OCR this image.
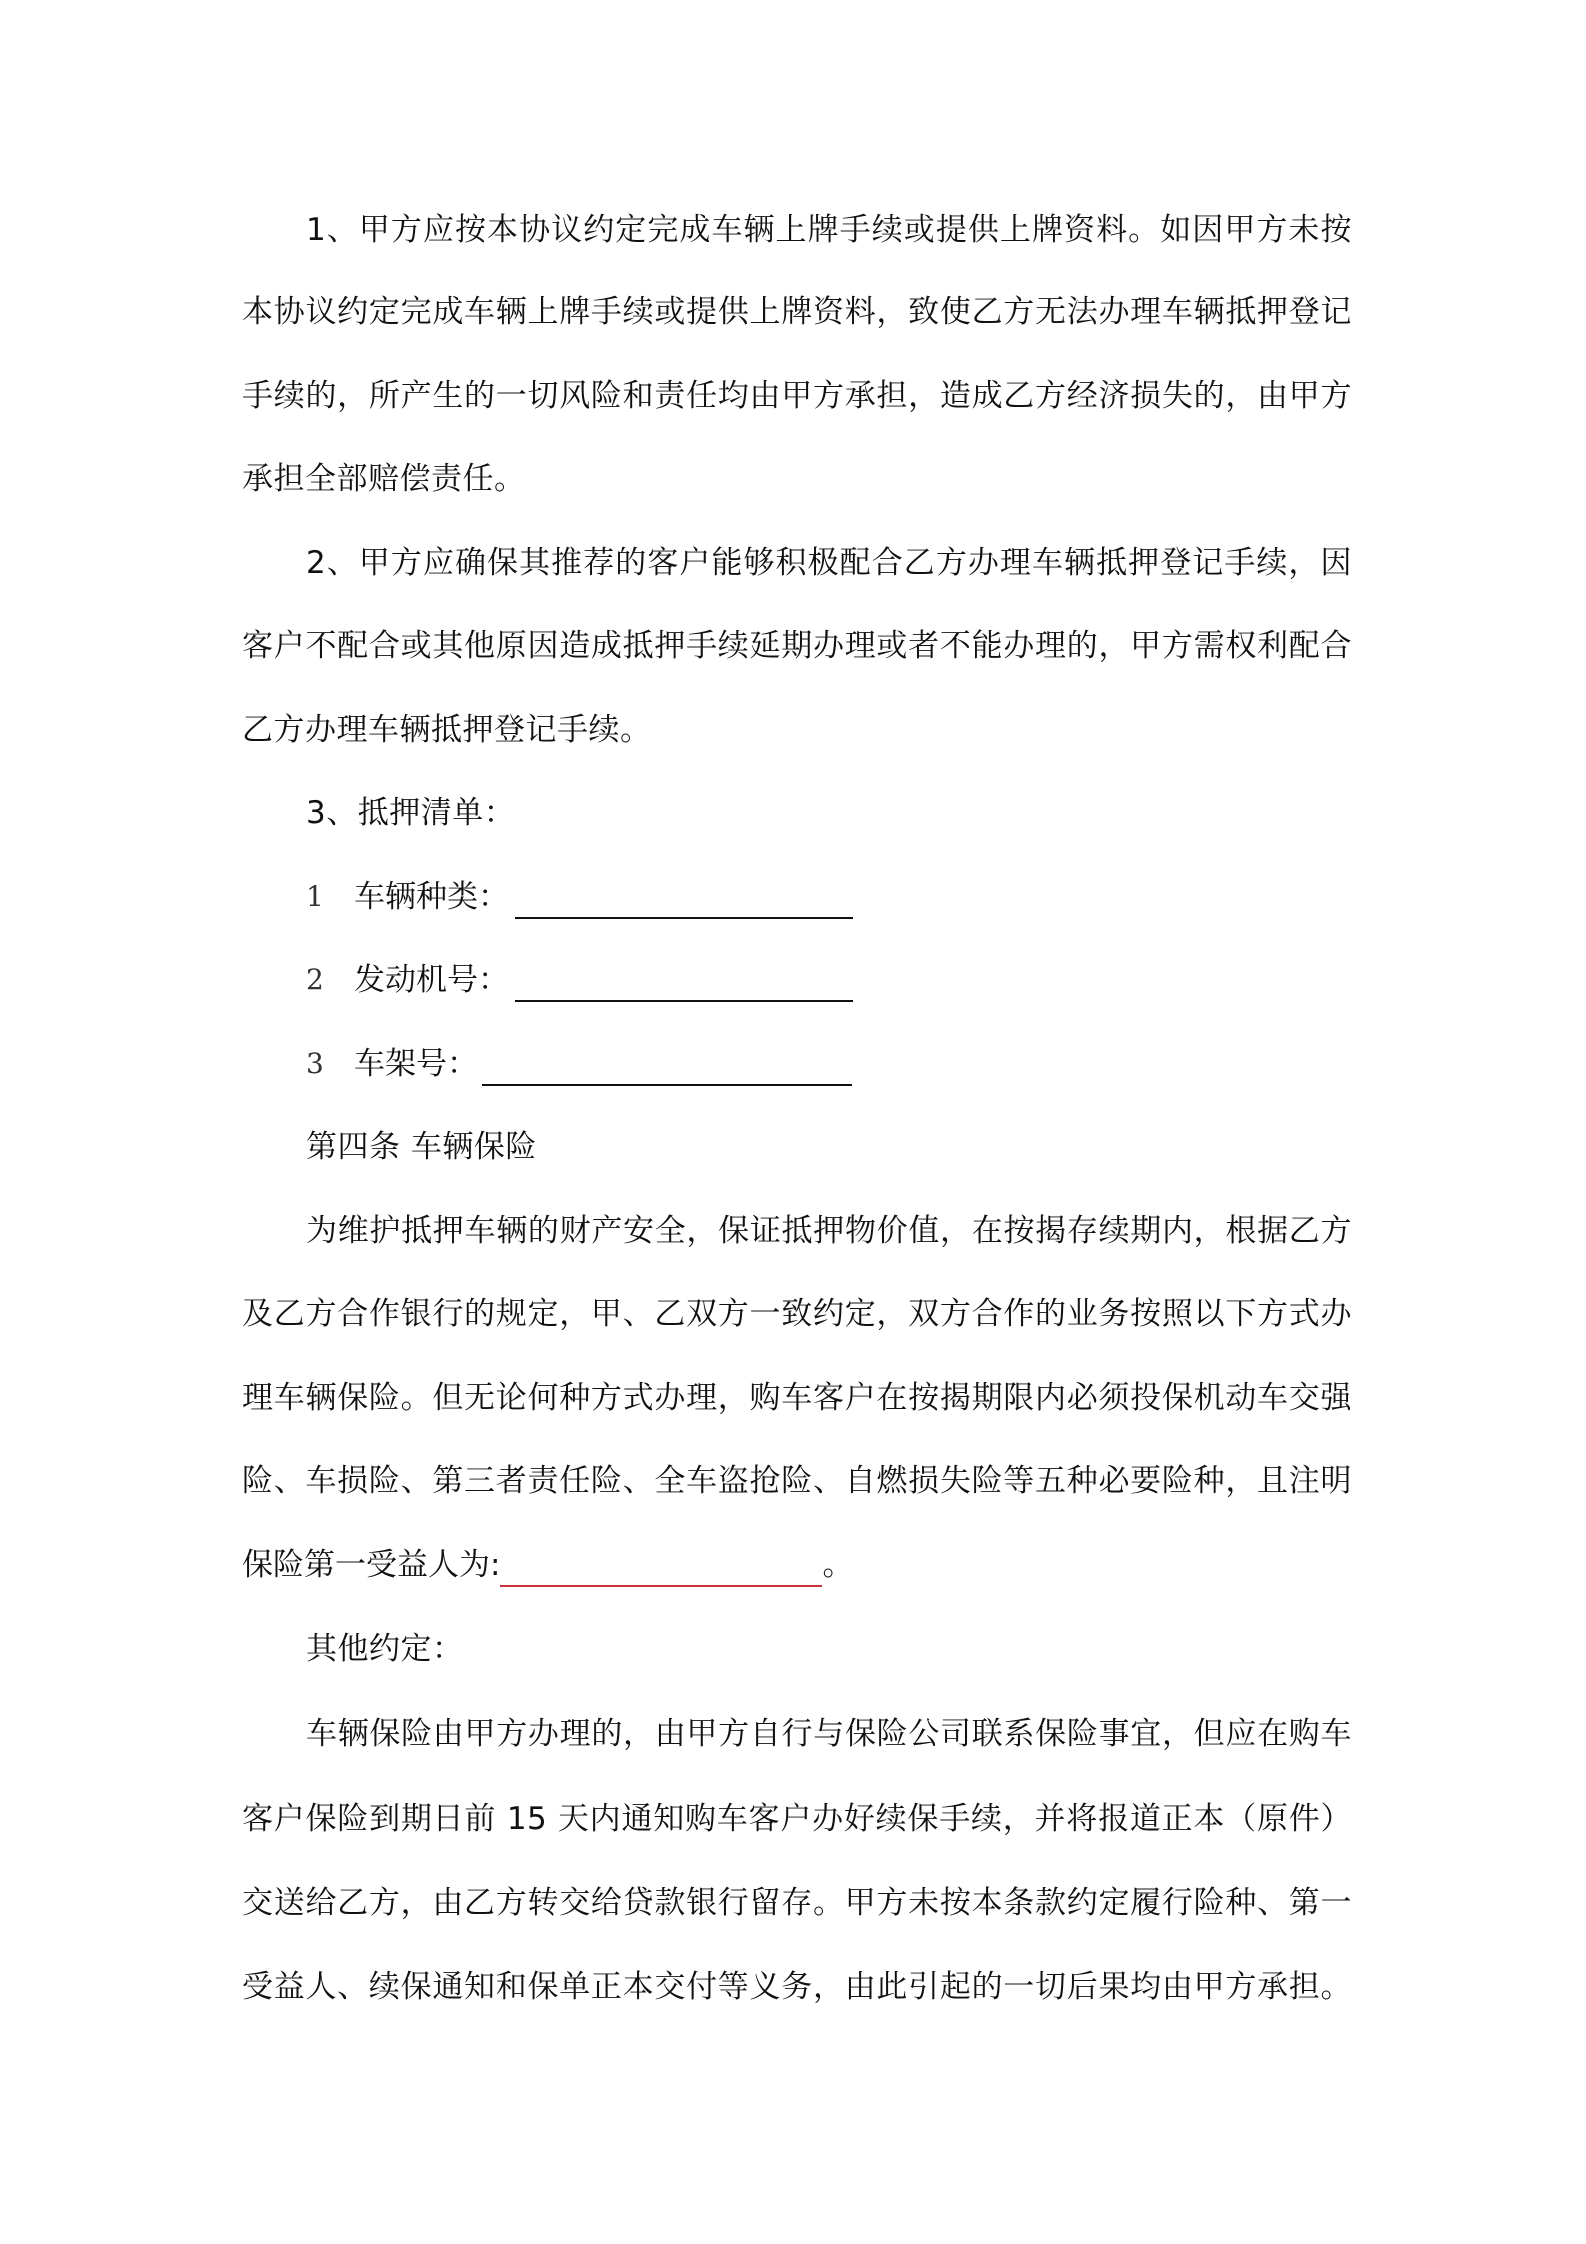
1、甲方应按本协议约定完成车辆上牌手续或提供上牌资料。如因甲方未按
本协议约定完成车辆上牌手续或提供上牌资料，致使乙方无法办理车辆抵押登记
手续的，所产生的一切风险和责任均由甲方承担，造成乙方经济损失的，由甲方
承担全部赔偿责任。
2、甲方应确保其推荐的客户能够积极配合乙方办理车辆抵押登记手续，因
客户不配合或其他原因造成抵押手续延期办理或者不能办理的，甲方需权利配合
乙方办理车辆抵押登记手续。
3、抵押清单：
1 车辆种类：
2 发动机号：
3 车架号：
第四条 车辆保险
为维护抵押车辆的财产安全，保证抵押物价值，在按揭存续期内，根据乙方
及乙方合作银行的规定，甲、乙双方一致约定，双方合作的业务按照以下方式办
理车辆保险。但无论何种方式办理，购车客户在按揭期限内必须投保机动车交强
险、车损险、第三者责任险、全车盗抢险、自燃损失险等五种必要险种，且注明
保险第一受益人为:	。
其他约定：
车辆保险由甲方办理的，由甲方自行与保险公司联系保险事宜，但应在购车
客户保险到期日前 15 天内通知购车客户办好续保手续，并将报道正本（原件）
交送给乙方，由乙方转交给贷款银行留存。甲方未按本条款约定履行险种、第一
受益人、续保通知和保单正本交付等义务，由此引起的一切后果均由甲方承担。
